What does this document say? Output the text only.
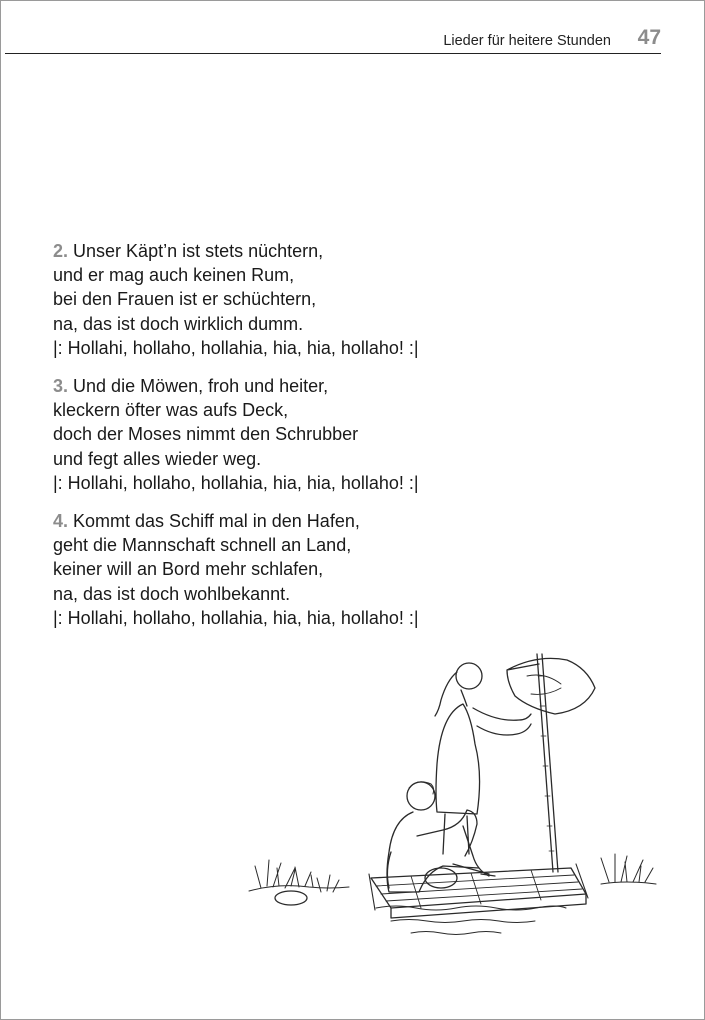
Lieder für heitere Stunden 47
2. Unser Käpt’n ist stets nüchtern,
und er mag auch keinen Rum,
bei den Frauen ist er schüchtern,
na, das ist doch wirklich dumm.
|: Hollahi, hollaho, hollahia, hia, hia, hollaho! :|
3. Und die Möwen, froh und heiter,
kleckern öfter was aufs Deck,
doch der Moses nimmt den Schrubber
und fegt alles wieder weg.
|: Hollahi, hollaho, hollahia, hia, hia, hollaho! :|
4. Kommt das Schiff mal in den Hafen,
geht die Mannschaft schnell an Land,
keiner will an Bord mehr schlafen,
na, das ist doch wohlbekannt.
|: Hollahi, hollaho, hollahia, hia, hia, hollaho! :|
